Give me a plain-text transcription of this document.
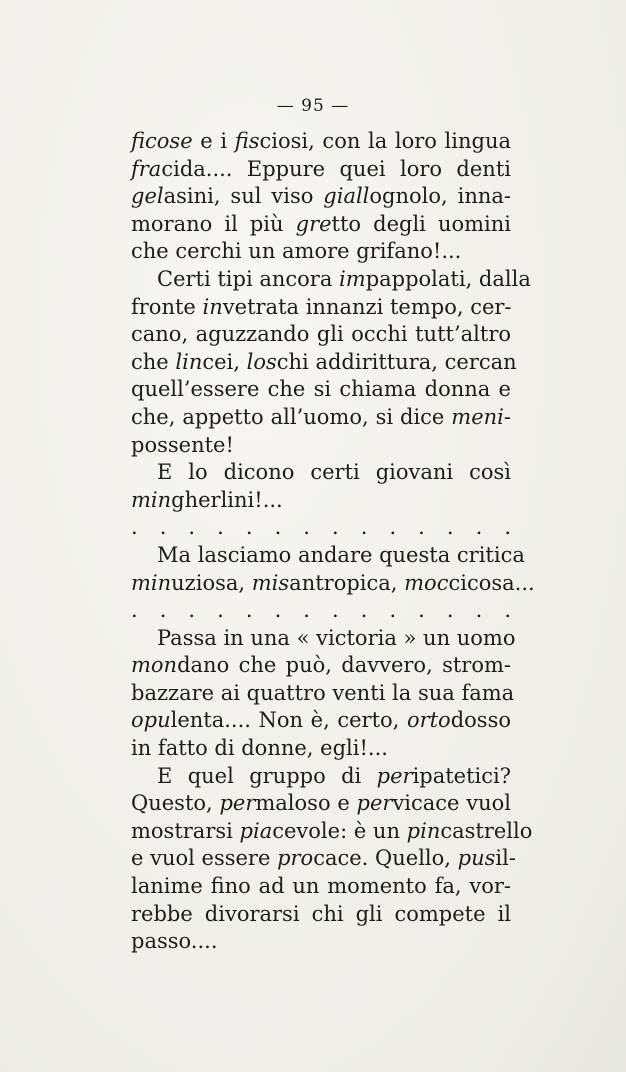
— 95 —
ficose e i fisciosi, con la loro lingua
fracida.... Eppure quei loro denti
gelasini, sul viso giallognolo, inna-
morano il più gretto degli uomini
che cerchi un amore grifano!...
Certi tipi ancora impappolati, dalla
fronte invetrata innanzi tempo, cer-
cano, aguzzando gli occhi tutt’altro
che lincei, loschi addirittura, cercan
quell’essere che si chiama donna e
che, appetto all’uomo, si dice meni-
possente!
E lo dicono certi giovani così
mingherlini!...
. . . . . . . . . . . . . .
Ma lasciamo andare questa critica
minuziosa, misantropica, moccicosa...
. . . . . . . . . . . . . .
Passa in una « victoria » un uomo
mondano che può, davvero, strom-
bazzare ai quattro venti la sua fama
opulenta.... Non è, certo, ortodosso
in fatto di donne, egli!...
E quel gruppo di peripatetici?
Questo, permaloso e pervicace vuol
mostrarsi piacevole: è un pincastrello
e vuol essere procace. Quello, pusil-
lanime fino ad un momento fa, vor-
rebbe divorarsi chi gli compete il
passo....
